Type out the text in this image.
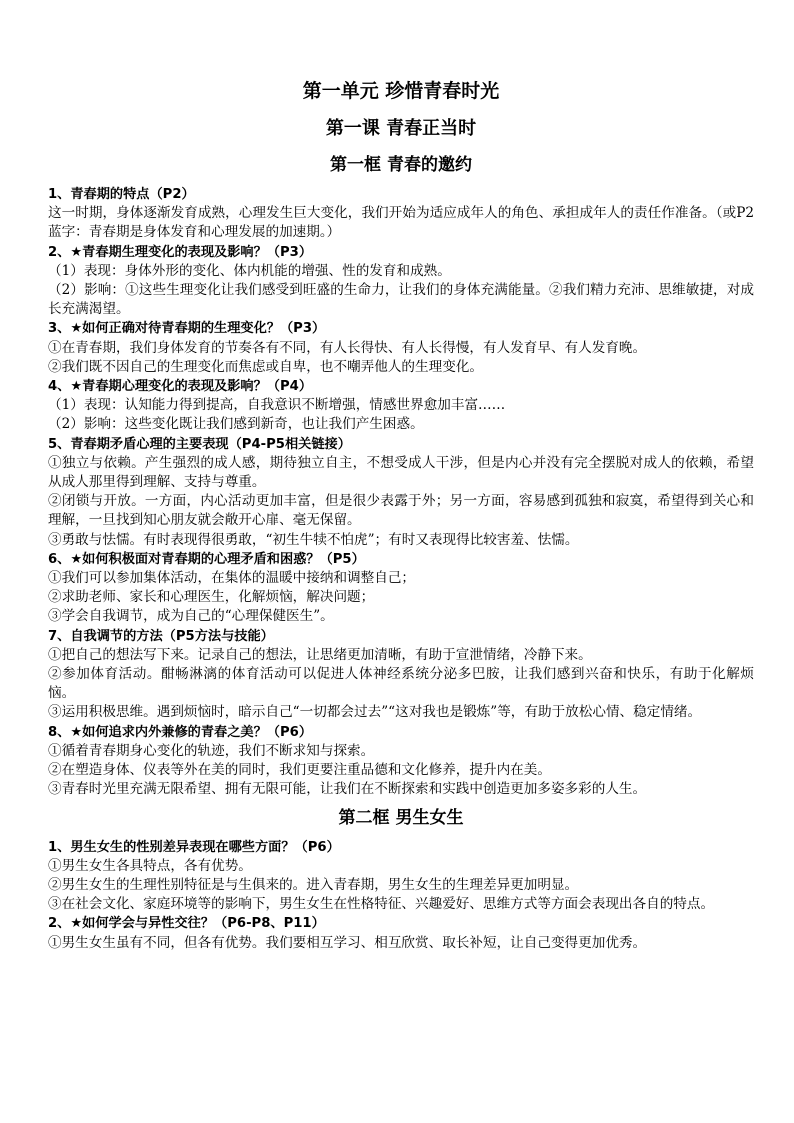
第一单元 珍惜青春时光
第一课 青春正当时
第一框 青春的邀约
1、青春期的特点（P2）
这一时期，身体逐渐发育成熟，心理发生巨大变化，我们开始为适应成年人的角色、承担成年人的责任作准备。（或P2蓝字：青春期是身体发育和心理发展的加速期。）
2、★青春期生理变化的表现及影响？（P3）
（1）表现：身体外形的变化、体内机能的增强、性的发育和成熟。
（2）影响：①这些生理变化让我们感受到旺盛的生命力，让我们的身体充满能量。②我们精力充沛、思维敏捷，对成长充满渴望。
3、★如何正确对待青春期的生理变化？（P3）
①在青春期，我们身体发育的节奏各有不同，有人长得快、有人长得慢，有人发育早、有人发育晚。
②我们既不因自己的生理变化而焦虑或自卑，也不嘲弄他人的生理变化。
4、★青春期心理变化的表现及影响？（P4）
（1）表现：认知能力得到提高，自我意识不断增强，情感世界愈加丰富……
（2）影响：这些变化既让我们感到新奇，也让我们产生困惑。
5、青春期矛盾心理的主要表现（P4-P5相关链接）
①独立与依赖。产生强烈的成人感，期待独立自主，不想受成人干涉，但是内心并没有完全摆脱对成人的依赖，希望从成人那里得到理解、支持与尊重。
②闭锁与开放。一方面，内心活动更加丰富，但是很少表露于外；另一方面，容易感到孤独和寂寞，希望得到关心和理解，一旦找到知心朋友就会敞开心扉、毫无保留。
③勇敢与怯懦。有时表现得很勇敢，“初生牛犊不怕虎”；有时又表现得比较害羞、怯懦。
6、★如何积极面对青春期的心理矛盾和困惑？（P5）
①我们可以参加集体活动，在集体的温暖中接纳和调整自己；
②求助老师、家长和心理医生，化解烦恼，解决问题；
③学会自我调节，成为自己的“心理保健医生”。
7、自我调节的方法（P5方法与技能）
①把自己的想法写下来。记录自己的想法，让思绪更加清晰，有助于宣泄情绪，冷静下来。
②参加体育活动。酣畅淋漓的体育活动可以促进人体神经系统分泌多巴胺，让我们感到兴奋和快乐，有助于化解烦恼。
③运用积极思维。遇到烦恼时，暗示自己“一切都会过去”“这对我也是锻炼”等，有助于放松心情、稳定情绪。
8、★如何追求内外兼修的青春之美？（P6）
①循着青春期身心变化的轨迹，我们不断求知与探索。
②在塑造身体、仪表等外在美的同时，我们更要注重品德和文化修养，提升内在美。
③青春时光里充满无限希望、拥有无限可能，让我们在不断探索和实践中创造更加多姿多彩的人生。
第二框 男生女生
1、男生女生的性别差异表现在哪些方面？（P6）
①男生女生各具特点，各有优势。
②男生女生的生理性别特征是与生俱来的。进入青春期，男生女生的生理差异更加明显。
③在社会文化、家庭环境等的影响下，男生女生在性格特征、兴趣爱好、思维方式等方面会表现出各自的特点。
2、★如何学会与异性交往？（P6-P8、P11）
①男生女生虽有不同，但各有优势。我们要相互学习、相互欣赏、取长补短，让自己变得更加优秀。
